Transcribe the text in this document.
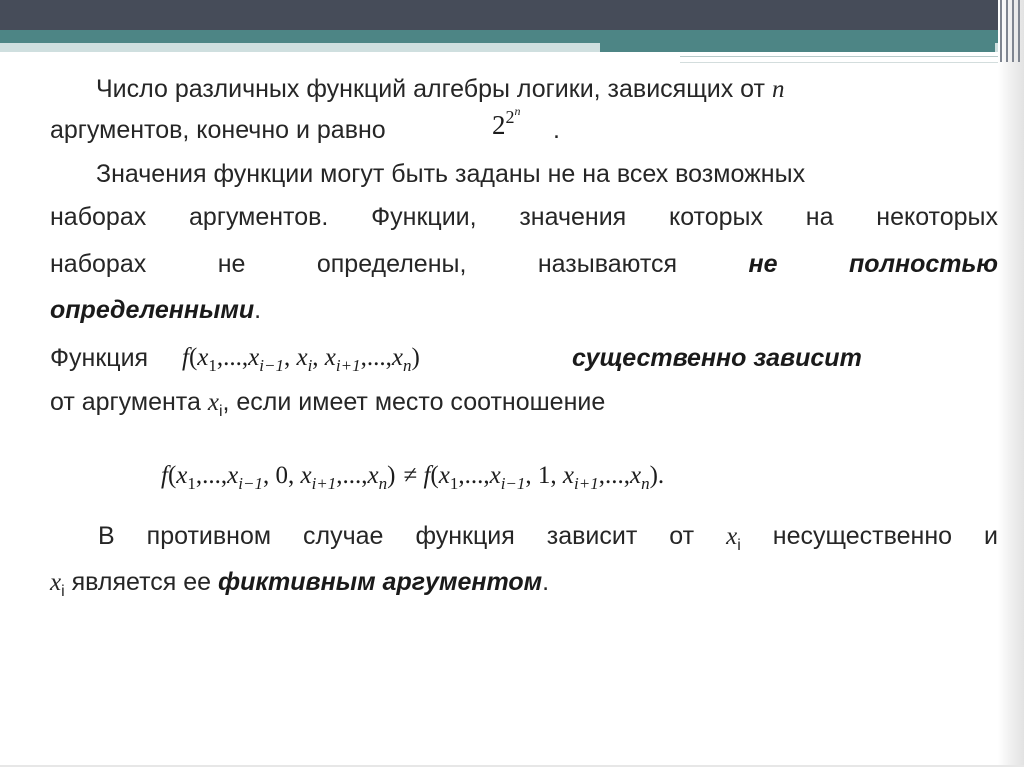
Число различных функций алгебры логики, зависящих от n
аргументов, конечно и равно	$2^{2^n}$
.
Значения функции могут быть заданы не на всех возможных
наборах аргументов. Функции, значения которых на некоторых
наборах	не	определены,	называются	не	полностью
определенными.
Функция $f(x_1,...,x_{i-1}$, $x_i$, $x_{i+1},...,x_n$)	существенно зависит
от аргумента $x_i$, если имеет место соотношение
$f(x_1,...,x_{i-1}$, 0, $x_{i+1},...,x_n) \ne f(x_1,...,x_{i-1}$, 1, $x_{i+1},...,x_n$).
В противном случае функция зависит от $x_i$ несущественно и
$x_i$ является ее фиктивным аргументом.
